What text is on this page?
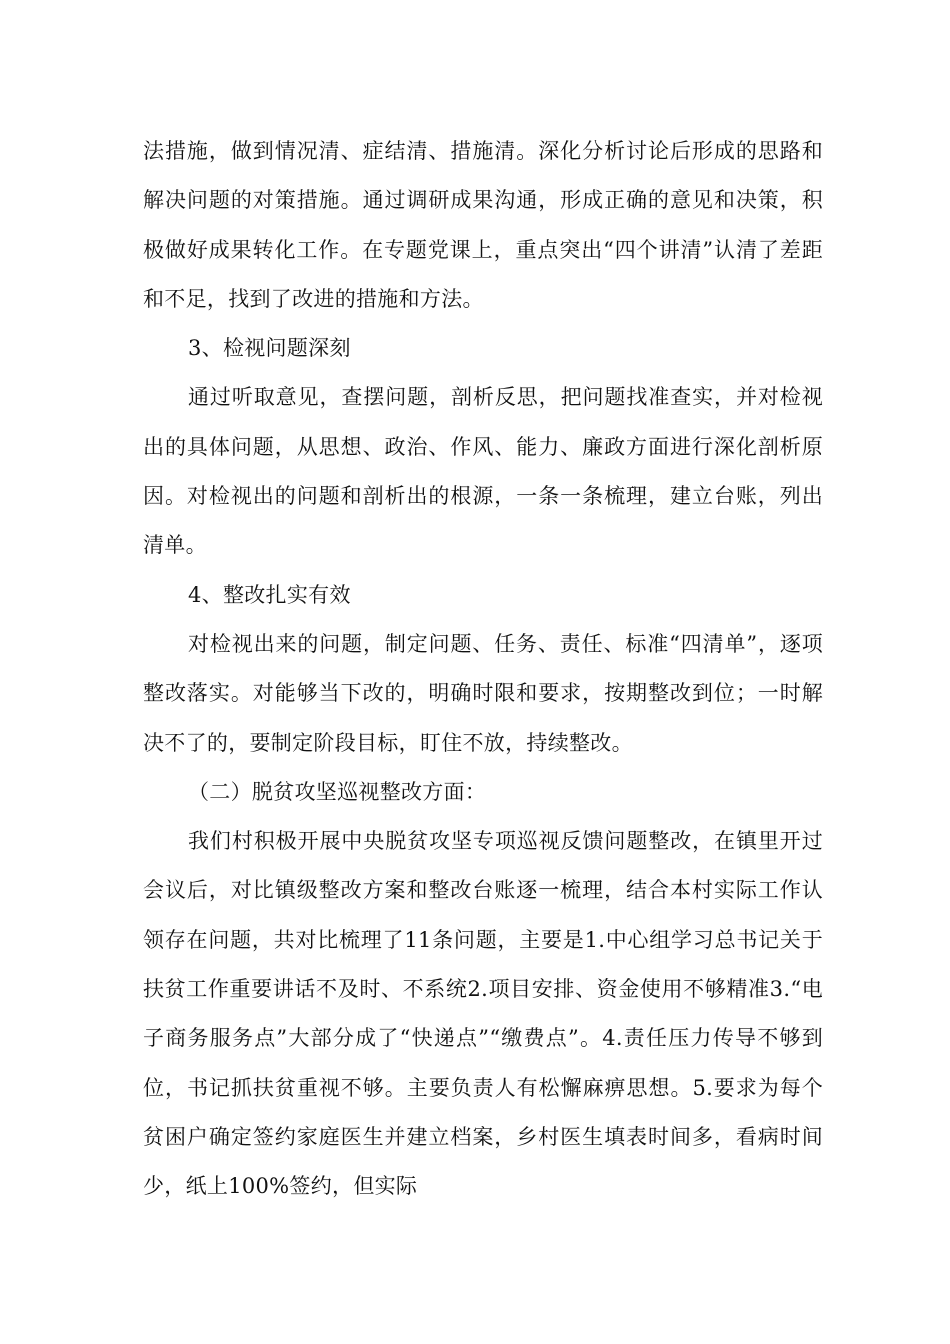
法措施，做到情况清、症结清、措施清。深化分析讨论后形成的思路和解决问题的对策措施。通过调研成果沟通，形成正确的意见和决策，积极做好成果转化工作。在专题党课上，重点突出“四个讲清”认清了差距和不足，找到了改进的措施和方法。

3、检视问题深刻

通过听取意见，查摆问题，剖析反思，把问题找准查实，并对检视出的具体问题，从思想、政治、作风、能力、廉政方面进行深化剖析原因。对检视出的问题和剖析出的根源，一条一条梳理，建立台账，列出清单。

4、整改扎实有效

对检视出来的问题，制定问题、任务、责任、标准“四清单”，逐项整改落实。对能够当下改的，明确时限和要求，按期整改到位；一时解决不了的，要制定阶段目标，盯住不放，持续整改。

（二）脱贫攻坚巡视整改方面：

我们村积极开展中央脱贫攻坚专项巡视反馈问题整改，在镇里开过会议后，对比镇级整改方案和整改台账逐一梳理，结合本村实际工作认领存在问题，共对比梳理了11条问题，主要是1.中心组学习总书记关于扶贫工作重要讲话不及时、不系统2.项目安排、资金使用不够精准3.“电子商务服务点”大部分成了“快递点”“缴费点”。4.责任压力传导不够到位，书记抓扶贫重视不够。主要负责人有松懈麻痹思想。5.要求为每个贫困户确定签约家庭医生并建立档案，乡村医生填表时间多，看病时间少，纸上100%签约，但实际
